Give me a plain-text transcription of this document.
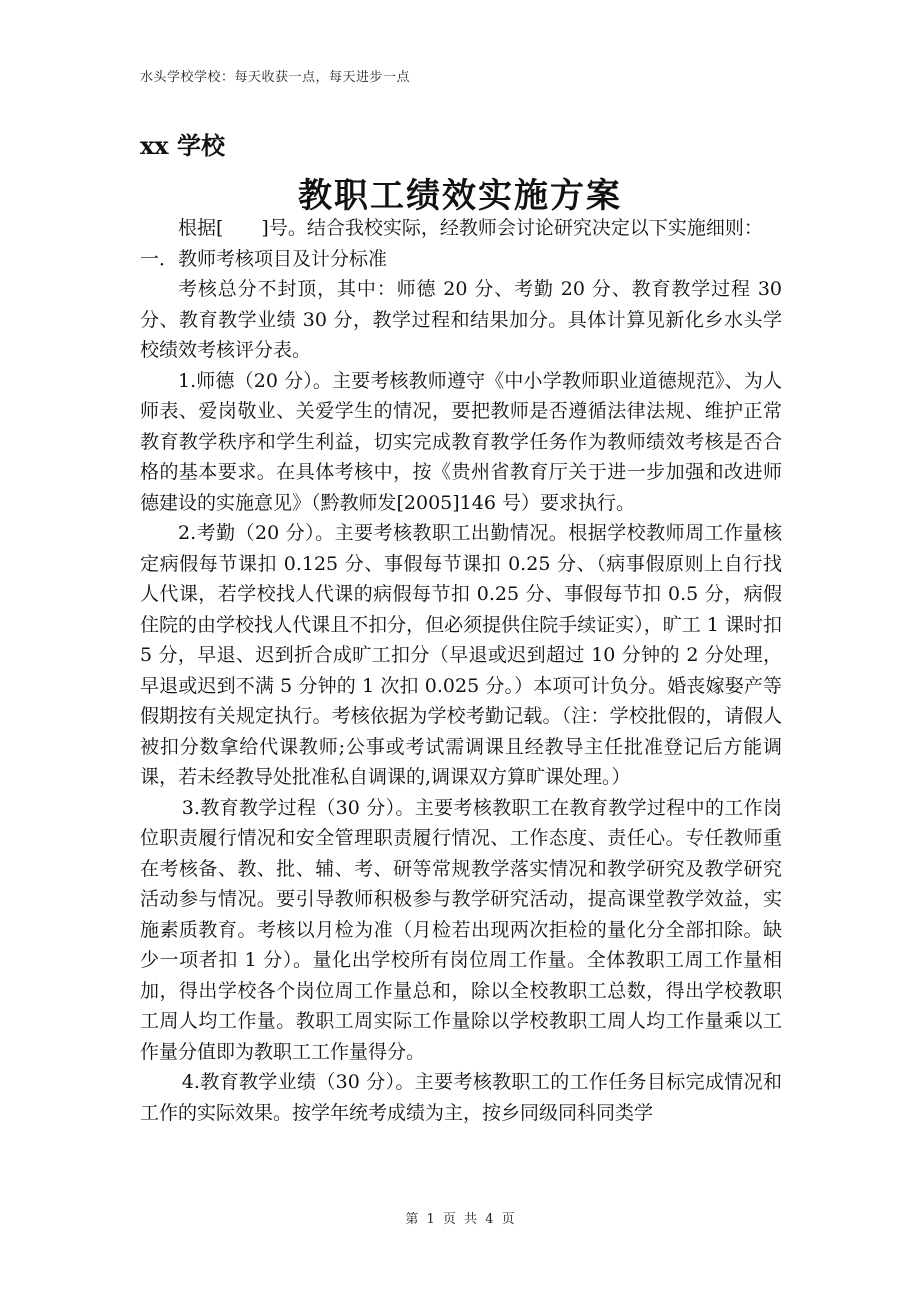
水头学校学校：每天收获一点，每天进步一点
xx 学校
教职工绩效实施方案

根据[　　]号。结合我校实际，经教师会讨论研究决定以下实施细则：

一．教师考核项目及计分标准

考核总分不封顶，其中：师德 20 分、考勤 20 分、教育教学过程 30 分、教育教学业绩 30 分，教学过程和结果加分。具体计算见新化乡水头学校绩效考核评分表。

1.师德（20 分）。主要考核教师遵守《中小学教师职业道德规范》、为人师表、爱岗敬业、关爱学生的情况，要把教师是否遵循法律法规、维护正常教育教学秩序和学生利益，切实完成教育教学任务作为教师绩效考核是否合格的基本要求。在具体考核中，按《贵州省教育厅关于进一步加强和改进师德建设的实施意见》（黔教师发[2005]146 号）要求执行。

2.考勤（20 分）。主要考核教职工出勤情况。根据学校教师周工作量核定病假每节课扣 0.125 分、事假每节课扣 0.25 分、（病事假原则上自行找人代课，若学校找人代课的病假每节扣 0.25 分、事假每节扣 0.5 分，病假住院的由学校找人代课且不扣分，但必须提供住院手续证实），旷工 1 课时扣 5 分，早退、迟到折合成旷工扣分（早退或迟到超过 10 分钟的 2 分处理，早退或迟到不满 5 分钟的 1 次扣 0.025 分。）本项可计负分。婚丧嫁娶产等假期按有关规定执行。考核依据为学校考勤记载。（注：学校批假的，请假人被扣分数拿给代课教师;公事或考试需调课且经教导主任批准登记后方能调课，若未经教导处批准私自调课的,调课双方算旷课处理。）

3.教育教学过程（30 分）。主要考核教职工在教育教学过程中的工作岗位职责履行情况和安全管理职责履行情况、工作态度、责任心。专任教师重在考核备、教、批、辅、考、研等常规教学落实情况和教学研究及教学研究活动参与情况。要引导教师积极参与教学研究活动，提高课堂教学效益，实施素质教育。考核以月检为准（月检若出现两次拒检的量化分全部扣除。缺少一项者扣 1 分）。量化出学校所有岗位周工作量。全体教职工周工作量相加，得出学校各个岗位周工作量总和，除以全校教职工总数，得出学校教职工周人均工作量。教职工周实际工作量除以学校教职工周人均工作量乘以工作量分值即为教职工工作量得分。

4.教育教学业绩（30 分）。主要考核教职工的工作任务目标完成情况和工作的实际效果。按学年统考成绩为主，按乡同级同科同类学

第 1 页 共 4 页
